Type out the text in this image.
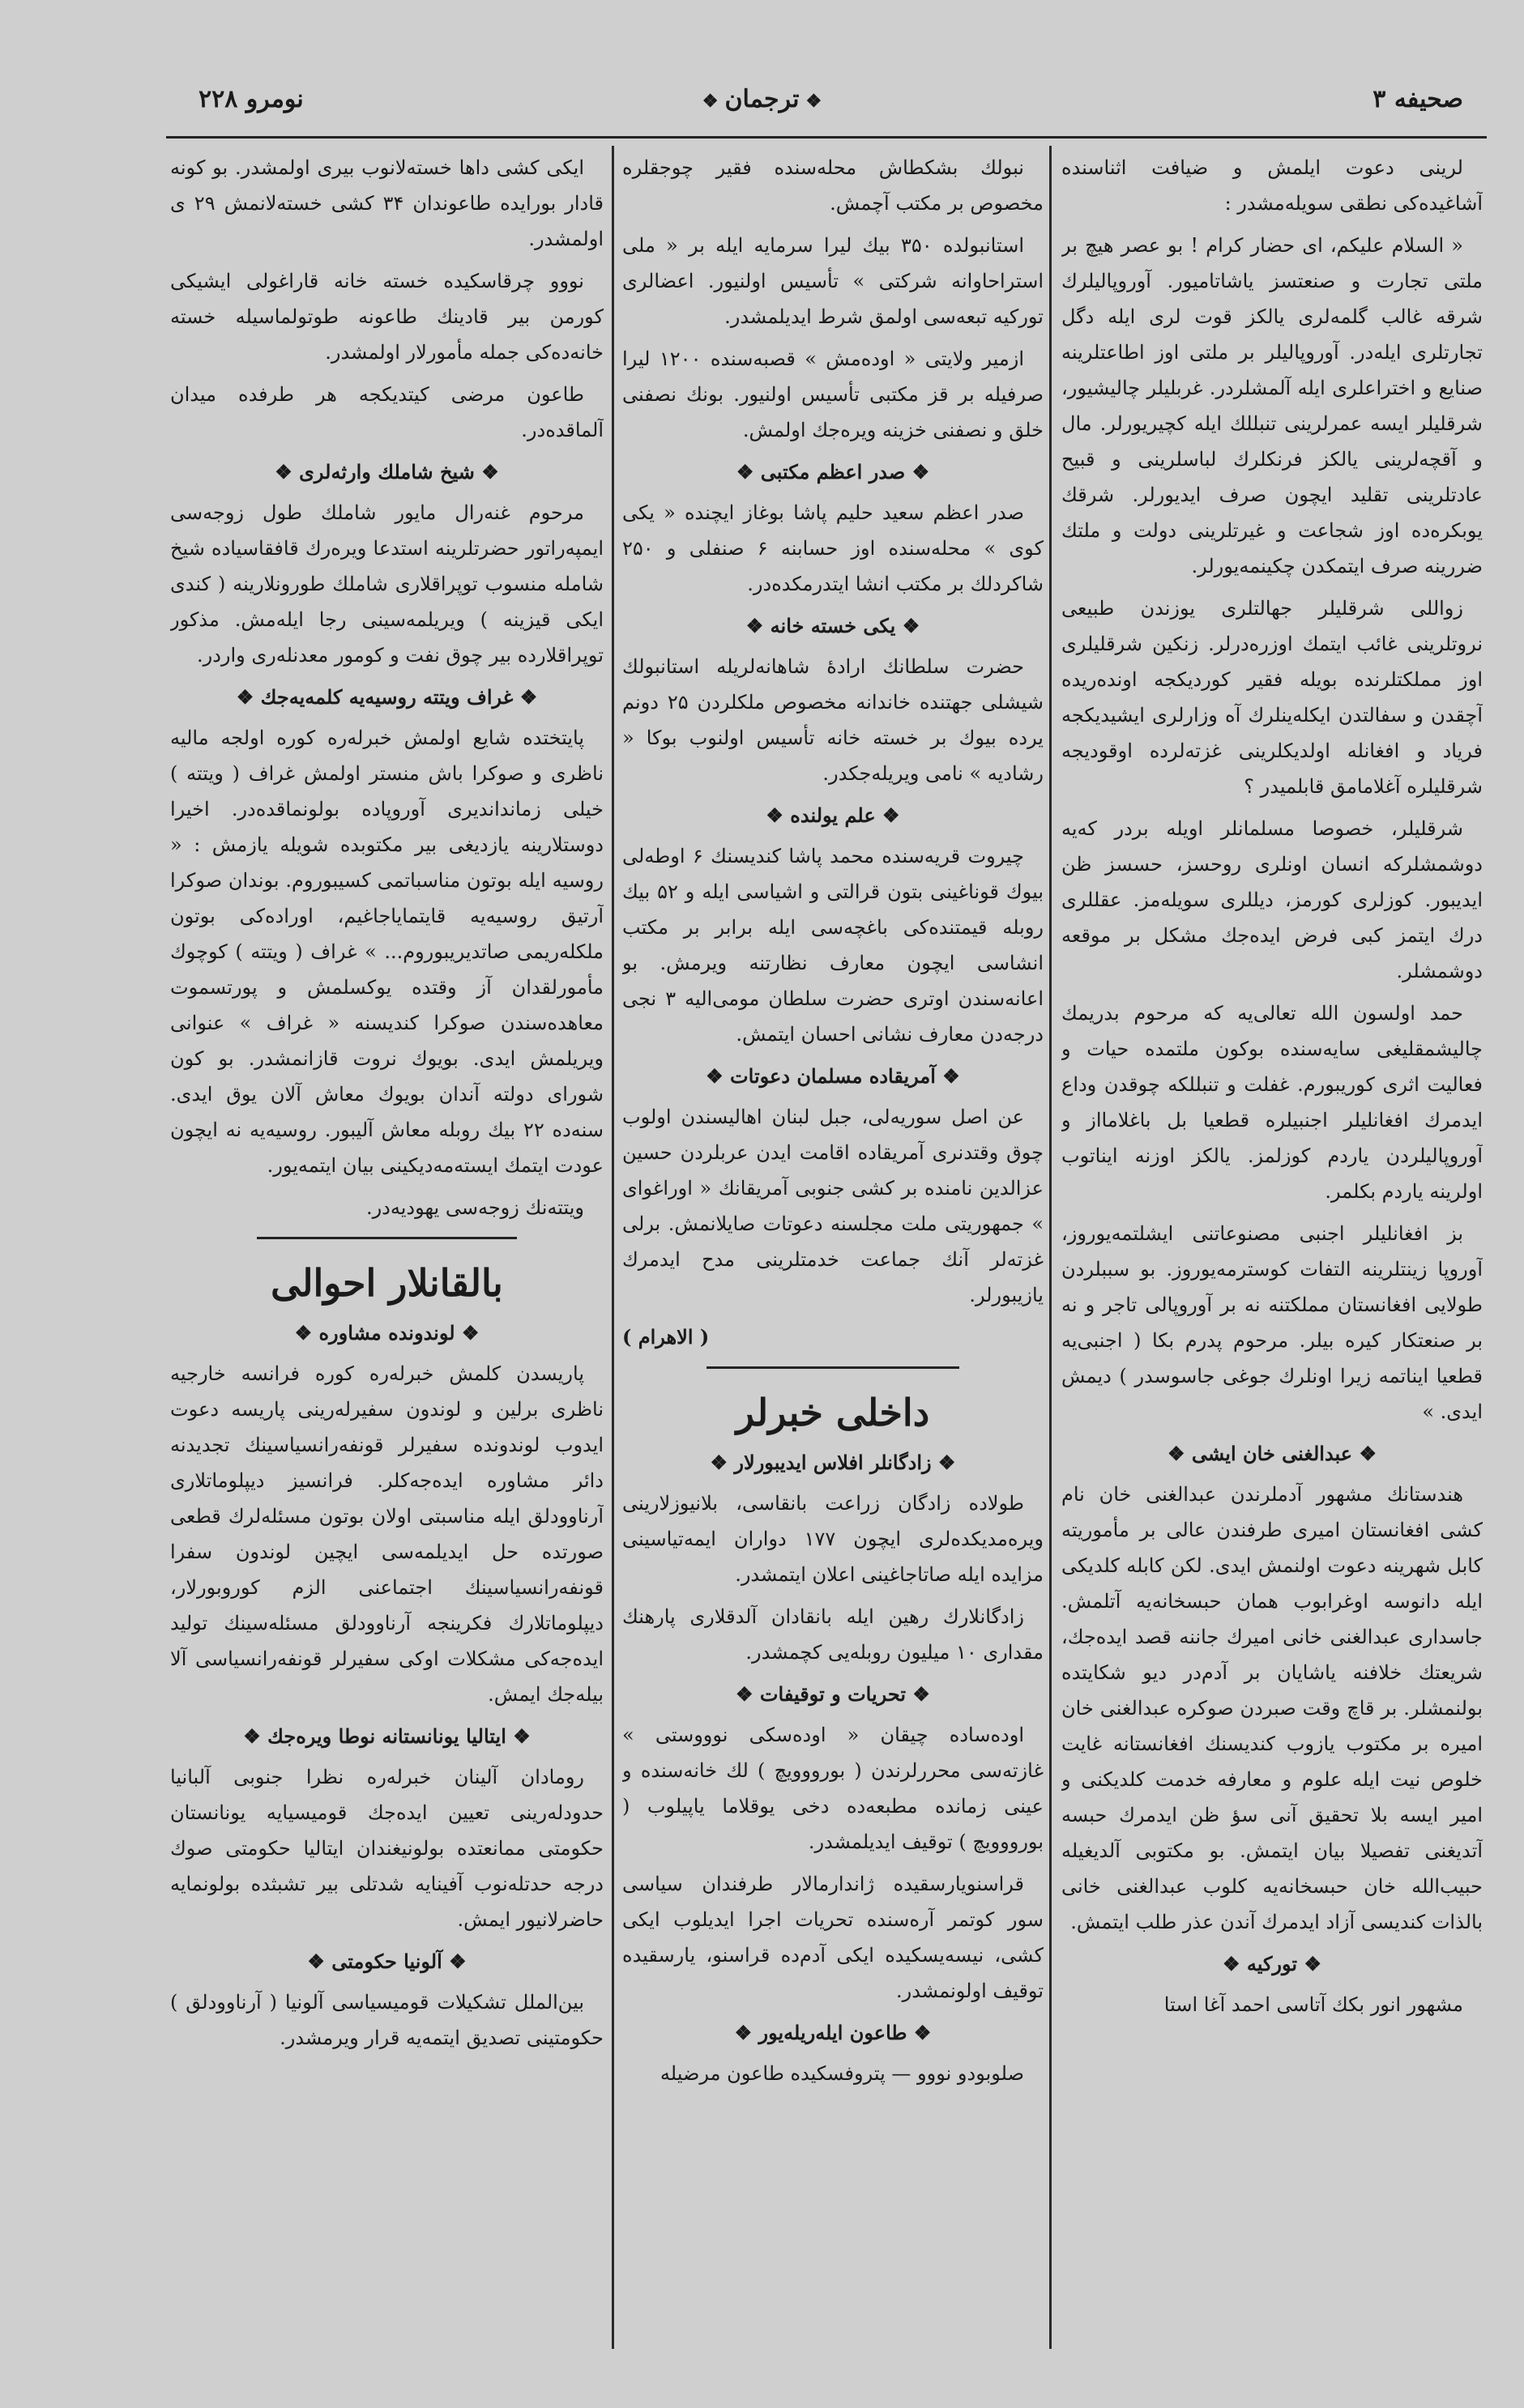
صحیفه ۳
❖ترجمان❖
نومرو ۲۲۸

لرینی دعوت ایلمش و ضیافت اثناسنده آشاغیده‌کی نطقی سویله‌مشدر :

« السلام علیکم، ای حضار کرام ! بو عصر هیچ بر ملتی تجارت و صنعتسز یاشاتامیور. آوروپالیلرك شرقه غالب گلمه‌لری یالکز قوت لری ایله دگل تجارتلری ایله‌در. آوروپالیلر بر ملتی اوز اطاعتلرینه صنایع و اختراعلری ایله آلمشلردر. غربلیلر چالیشیور، شرقلیلر ایسه عمرلرینی تنبللك ایله کچیریورلر. مال و آقچه‌لرینی یالکز فرنکلرك لباسلرینی و قبیح عادتلرینی تقلید ایچون صرف ایدیورلر. شرقك یوبکره‌ده اوز شجاعت و غیرتلرینی دولت و ملتك ضررینه صرف ایتمکدن چکینمه‌یورلر.

زواللی شرقلیلر جهالتلری یوزندن طبیعی نروتلرینی غائب ایتمك اوزره‌درلر. زنکین شرقلیلری اوز مملکتلرنده بویله فقیر کوردیکجه اونده‌ریده آچقدن و سفالتدن ایکله‌ینلرك آه وزارلری ایشیدیکجه فریاد و افغانله اولدیکلرینی غزته‌لرده اوقودیجه شرقلیلره آغلامامق قابلمیدر ؟

شرقلیلر، خصوصا مسلمانلر اویله بردر که‌یه دوشمشلرکه انسان اونلری روحسز، حسسز ظن ایدیبور. کوزلری کورمز، دیللری سویله‌مز. عقللری درك ایتمز کبی فرض ایده‌جك مشکل بر موقعه دوشمشلر.

حمد اولسون الله تعالی‌یه که مرحوم بدریمك چالیشمقلیغی سایه‌سنده بوکون ملتمده حیات و فعالیت اثری کوریبورم. غفلت و تنبللکه چوقدن وداع ایدمرك افغانلیلر اجنبیلره قطعیا بل باغلامااز و آوروپالیلردن یاردم کوزلمز. یالکز اوزنه ایناتوب اولرینه یاردم بکلمر.

بز افغانلیلر اجنبی مصنوعاتنی ایشلتمه‌یوروز، آوروپا زینتلرینه التفات کوسترمه‌یوروز. بو سببلردن طولایی افغانستان مملکتنه نه بر آوروپالی تاجر و نه بر صنعتکار کیره بیلر. مرحوم پدرم بکا ( اجنبی‌یه قطعیا ایناتمه زیرا اونلرك جوغی جاسوسدر ) دیمش ایدی. »

❖ عبدالغنی خان ایشی ❖

هندستانك مشهور آدملرندن عبدالغنی خان نام کشی افغانستان امیری طرفندن عالی بر مأموریته کابل شهرینه دعوت اولنمش ایدی. لکن کابله کلدیکی ایله دانوسه اوغرابوب همان حبسخانه‌یه آتلمش. جاسداری عبدالغنی خانی امیرك جاننه قصد ایده‌جك، شریعتك خلافنه یاشایان بر آدم‌در دیو شکایتده بولنمشلر. بر قاچ وقت صبردن صوکره عبدالغنی خان امیره بر مکتوب یازوب کندیسنك افغانستانه غایت خلوص نیت ایله علوم و معارفه خدمت کلدیکنی و امیر ایسه بلا تحقیق آنی سؤ ظن ایدمرك حبسه آتدیغنی تفصیلا بیان ایتمش. بو مکتوبی آلدیغیله حبیب‌الله خان حبسخانه‌یه کلوب عبدالغنی خانی بالذات کندیسی آزاد ایدمرك آندن عذر طلب ایتمش.

❖ تورکیه ❖

مشهور انور بکك آتاسی احمد آغا استا

نبولك بشکطاش محله‌سنده فقیر چوجقلره مخصوص بر مکتب آچمش.

استانبولده ۳۵۰ بیك لیرا سرمایه ایله بر « ملی استراحاوانه شرکتی » تأسیس اولنیور. اعضالری تورکیه تبعه‌سی اولمق شرط ایدیلمشدر.

ازمیر ولایتی « اوده‌مش » قصبه‌سنده ۱۲۰۰ لیرا صرفیله بر قز مکتبی تأسیس اولنیور. بونك نصفنی خلق و نصفنی خزینه ویره‌جك اولمش.

❖ صدر اعظم مکتبی ❖

صدر اعظم سعید حلیم پاشا بوغاز ایچنده « یکی کوی » محله‌سنده اوز حسابنه ۶ صنفلی و ۲۵۰ شاکردلك بر مکتب انشا ایتدرمکده‌در.

❖ یکی خسته خانه ❖

حضرت سلطانك اراده‌ٔ شاهانه‌لریله استانبولك شیشلی جهتنده خاندانه مخصوص ملکلردن ۲۵ دونم یرده بیوك بر خسته خانه تأسیس اولنوب بوکا « رشادیه » نامی ویریله‌جکدر.

❖ علم یولنده ❖

چیروت قریه‌سنده محمد پاشا کندیسنك ۶ اوطه‌لی بیوك قوناغینی بتون قرالتی و اشیاسی ایله و ۵۲ بیك روبله قیمتنده‌کی باغچه‌سی ایله برابر بر مکتب انشاسی ایچون معارف نظارتنه ویرمش. بو اعانه‌سندن اوتری حضرت سلطان مومی‌الیه ۳ نجی درجه‌دن معارف نشانی احسان ایتمش.

❖ آمریقاده مسلمان دعوتات ❖

عن اصل سوریه‌لی، جبل لبنان اهالیسندن اولوب چوق وقتدنری آمریقاده اقامت ایدن عربلردن حسین عزالدین نامنده بر کشی جنوبی آمریقانك « اوراغوای » جمهوریتی ملت مجلسنه دعوتات صایلانمش. برلی غزته‌لر آنك جماعت خدمتلرینی مدح ایدمرك یازیبورلر.

( الاهرام )
داخلی خبرلر
❖ زادگانلر افلاس ایدیبورلار ❖

طولاده زادگان زراعت بانقاسی، بلانیوزلارینی ویره‌مدیکده‌لری ایچون ۱۷۷ دواران ایمه‌تیاسینی مزایده ایله صاتاجاغینی اعلان ایتمشدر.

زادگانلارك رهین ایله بانقادان آلدقلاری پارهنك مقداری ۱۰ میلیون روبله‌یی کچمشدر.

❖ تحریات و توقیفات ❖

اوده‌ساده چیقان « اوده‌سکی نوووستی » غازته‌سی محررلرندن ( بورووویچ ) لك خانه‌سنده و عینی زمانده مطبعه‌ده دخی یوقلاما یاپیلوب ( بورووویچ ) توقیف ایدیلمشدر.

قراسنویارسقیده ژاندارمالار طرفندان سیاسی سور کوتمر آره‌سنده تحریات اجرا ایدیلوب ایکی کشی، نیسه‌یسکیده ایکی آدم‌ده قراسنو، یارسقیده توقیف اولونمشدر.

❖ طاعون ایله‌ریله‌یور ❖

صلوبودو نووو — پتروفسکیده طاعون مرضیله

ایکی کشی داها خسته‌لانوب بیری اولمشدر. بو کونه قادار بورایده طاعوندان ۳۴ کشی خسته‌لانمش ۲۹ ی اولمشدر.

نووو چرقاسکیده خسته خانه قاراغولی ایشیکی کورمن بیر قادینك طاعونه طوتولماسیله خسته خانه‌ده‌کی جمله مأمورلار اولمشدر.

طاعون مرضی کیتدیکجه هر طرفده میدان آلماقده‌در.

❖ شیخ شاملك وارثه‌لری ❖

مرحوم غنه‌رال مایور شاملك طول زوجه‌سی ایمپه‌راتور حضرتلرینه استدعا ویره‌رك قافقاسیاده شیخ شامله منسوب توپراقلاری شاملك طورونلارینه ( کندی ایکی قیزینه ) ویریلمه‌سینی رجا ایله‌مش. مذکور توپراقلارده بیر چوق نفت و کومور معدنله‌ری واردر.

❖ غراف ویتته روسیه‌یه کلمه‌یه‌جك ❖

پایتختده شایع اولمش خبرله‌ره کوره اولجه مالیه ناظری و صوکرا باش منستر اولمش غراف ( ویتته ) خیلی زمانداندیری آوروپاده بولونماقده‌در. اخیرا دوستلارینه یازدیغی بیر مکتوبده شویله یازمش : « روسیه ایله بوتون مناسباتمی کسیبوروم. بوندان صوکرا آرتیق روسیه‌یه قایتمایاجاغیم، اوراده‌کی بوتون ملکله‌ریمی صاتدیریبوروم... » غراف ( ویتته ) کوچوك مأمورلقدان آز وقتده یوکسلمش و پورتسموت معاهده‌سندن صوکرا کندیسنه « غراف » عنوانی ویریلمش ایدی. بویوك نروت قازانمشدر. بو کون شورای دولته آندان بویوك معاش آلان یوق ایدی. سنه‌ده ۲۲ بیك روبله معاش آلیبور. روسیه‌یه نه ایچون عودت ایتمك ایسته‌مه‌دیکینی بیان ایتمه‌یور.

ویتته‌نك زوجه‌سی یهودیه‌در.

بالقانلار احوالی
❖ لوندونده مشاوره ❖

پاریسدن کلمش خبرله‌ره کوره فرانسه خارجیه ناظری برلین و لوندون سفیرله‌رینی پاریسه دعوت ایدوب لوندونده سفیرلر قونفه‌رانسیاسینك تجدیدنه دائر مشاوره ایده‌جه‌کلر. فرانسیز دیپلوماتلاری آرناوودلق ایله مناسبتی اولان بوتون مسئله‌لرك قطعی صورتده حل ایدیلمه‌سی ایچین لوندون سفرا قونفه‌رانسیاسینك اجتماعنی الزم کوروبورلار، دیپلوماتلارك فکرینجه آرناوودلق مسئله‌سینك تولید ایده‌جه‌کی مشکلات اوکی سفیرلر قونفه‌رانسیاسی آلا بیله‌جك ایمش.

❖ ایتالیا یونانستانه نوطا ویره‌جك ❖

رومادان آلینان خبرله‌ره نظرا جنوبی آلبانیا حدودله‌رینی تعیین ایده‌جك قومیسیایه یونانستان حکومتی ممانعتده بولونیغندان ایتالیا حکومتی صوك درجه حدتله‌نوب آفینایه شدتلی بیر تشبثده بولونمایه حاضرلانیور ایمش.

❖ آلونیا حکومتی ❖

بین‌الملل تشکیلات قومیسیاسی آلونیا ( آرناوودلق ) حکومتینی تصدیق ایتمه‌یه قرار ویرمشدر.
